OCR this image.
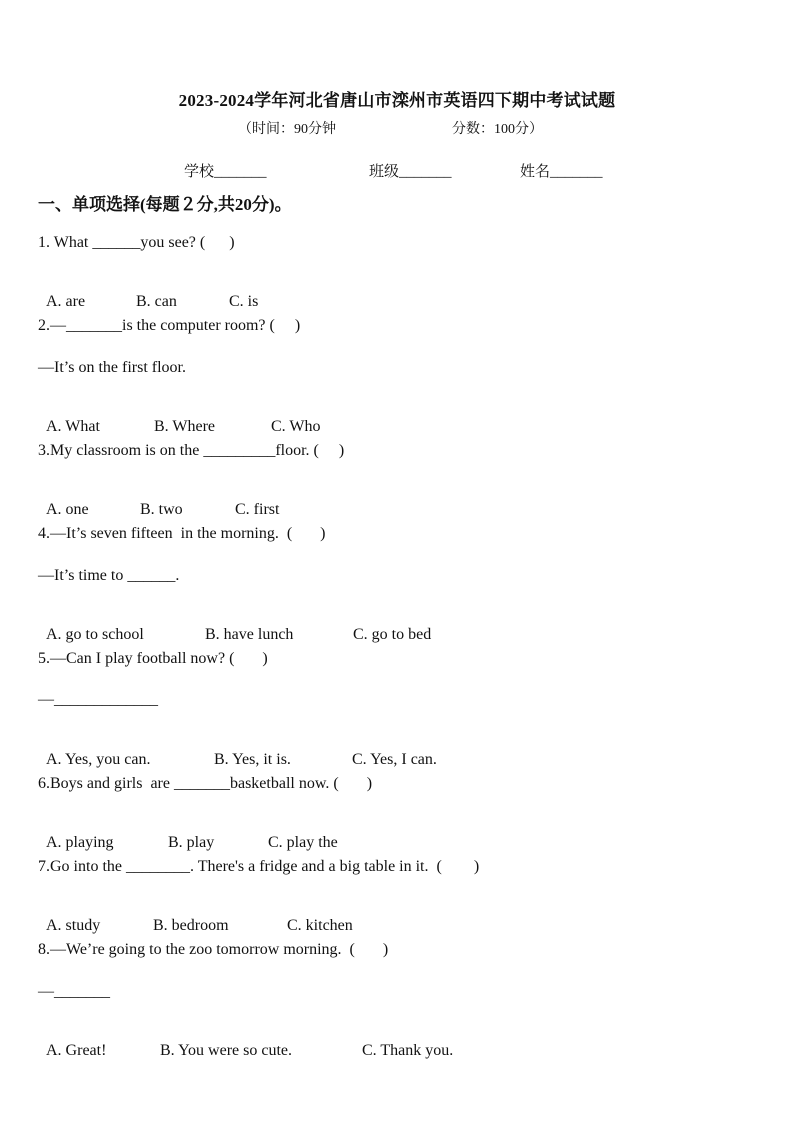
2023-2024学年河北省唐山市滦州市英语四下期中考试试题
（时间：90分钟	分数：100分）
学校_______	班级_______	姓名_______
一、单项选择(每题２分,共20分)。
1. What ______you see? (      )

A. are	B. can	C. is

2.—_______is the computer room? (     )
—It’s on the first floor.

A. What	B. Where	C. Who

3.My classroom is on the _________floor. (     )

A. one	B. two	C. first

4.—It’s seven fifteen  in the morning.  (       )
—It’s time to ______.

A. go to school	B. have lunch	C. go to bed

5.—Can I play football now? (       )
—_____________

A. Yes, you can.	B. Yes, it is.	C. Yes, I can.

6.Boys and girls  are _______basketball now. (       )

A. playing	B. play	C. play the

7.Go into the ________. There's a fridge and a big table in it.  (        )

A. study	B. bedroom	C. kitchen

8.—We’re going to the zoo tomorrow morning.  (       )
—_______

A. Great!	B. You were so cute.	C. Thank you.
